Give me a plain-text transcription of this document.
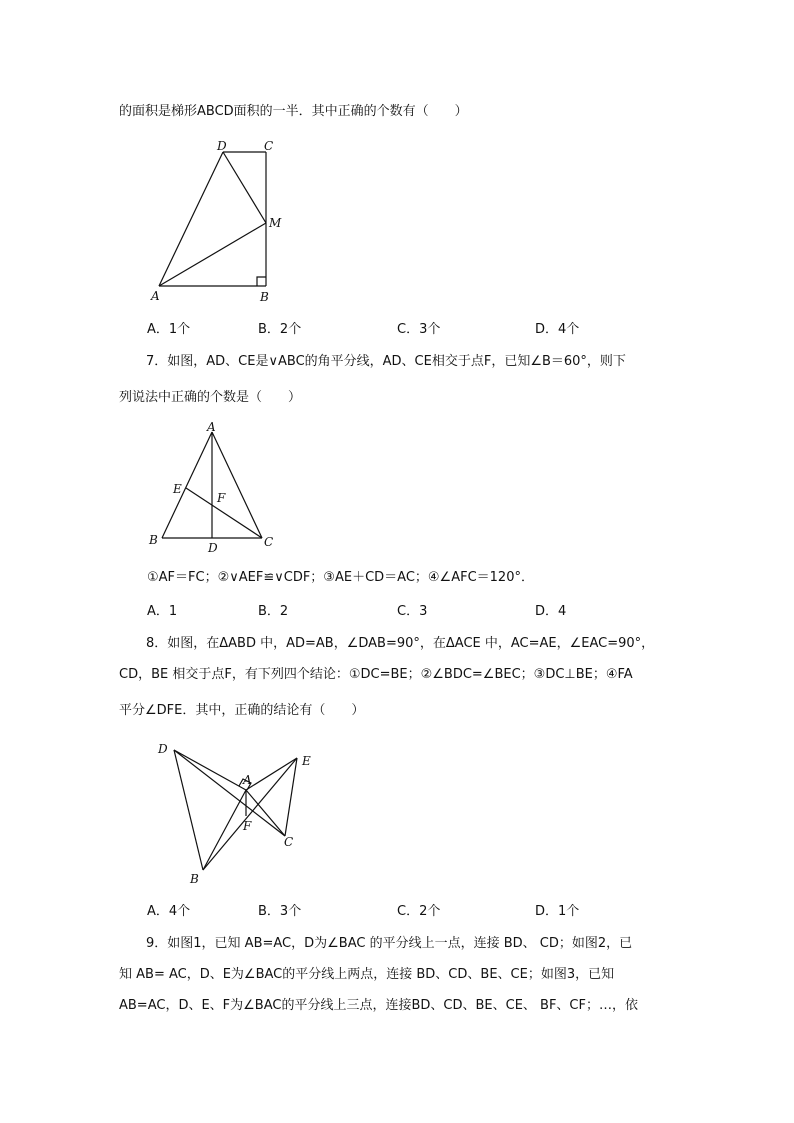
的面积是梯形ABCD面积的一半．其中正确的个数有（　　）
D	C
M
A	B
A．1个	B．2个	C．3个	D．4个
7．如图，AD、CE是∨ABC的角平分线，AD、CE相交于点F，已知∠B＝60°，则下
列说法中正确的个数是（　　）
A
E
F
B
D	C
①AF＝FC；②∨AEF≌∨CDF；③AE＋CD＝AC；④∠AFC＝120°．
A．1	B．2	C．3	D．4
8．如图，在ΔABD 中，AD=AB，∠DAB=90°，在ΔACE 中，AC=AE，∠EAC=90°，
CD，BE 相交于点F，有下列四个结论：①DC=BE；②∠BDC=∠BEC；③DC⊥BE；④FA
平分∠DFE．其中，正确的结论有（　　）
D
E
A
F
C
B
A．4个	B．3个	C．2个	D．1个
9．如图1，已知 AB=AC，D为∠BAC 的平分线上一点，连接 BD、 CD；如图2，已
知 AB= AC，D、E为∠BAC的平分线上两点，连接 BD、CD、BE、CE；如图3，已知
AB=AC，D、E、F为∠BAC的平分线上三点，连接BD、CD、BE、CE、 BF、CF；…，依
